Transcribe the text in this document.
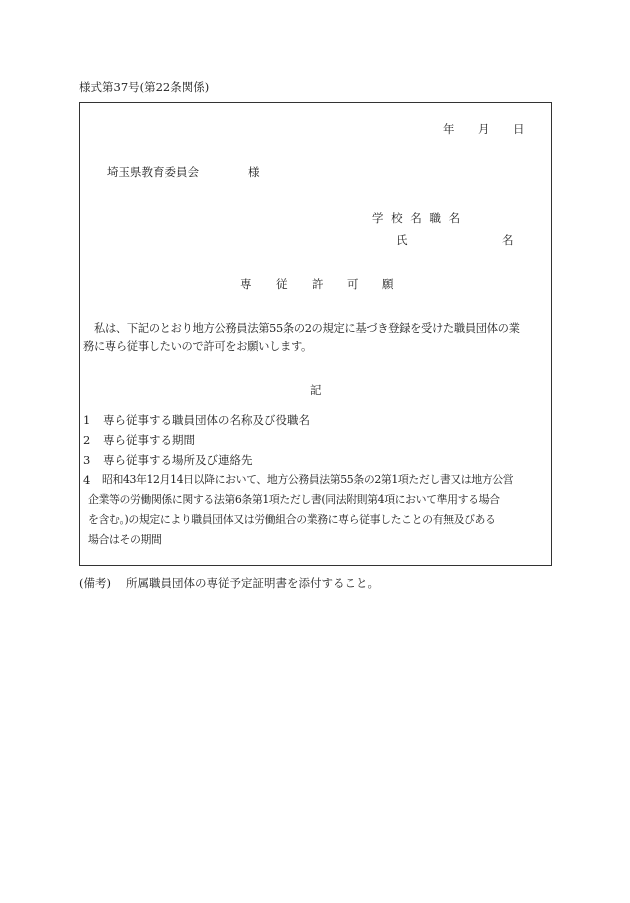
様式第37号(第22条関係)
年 月 日
埼玉県教育委員会	様
学 校 名 職 名
氏	名
専 従 許 可 願
私は、下記のとおり地方公務員法第55条の2の規定に基づき登録を受けた職員団体の業
務に専ら従事したいので許可をお願いします。
記
1 専ら従事する職員団体の名称及び役職名
2 専ら従事する期間
3 専ら従事する場所及び連絡先
4 昭和43年12月14日以降において、地方公務員法第55条の2第1項ただし書又は地方公営
企業等の労働関係に関する法第6条第1項ただし書(同法附則第4項において準用する場合
を含む。)の規定により職員団体又は労働組合の業務に専ら従事したことの有無及びある
場合はその期間
(備考) 所属職員団体の専従予定証明書を添付すること。
